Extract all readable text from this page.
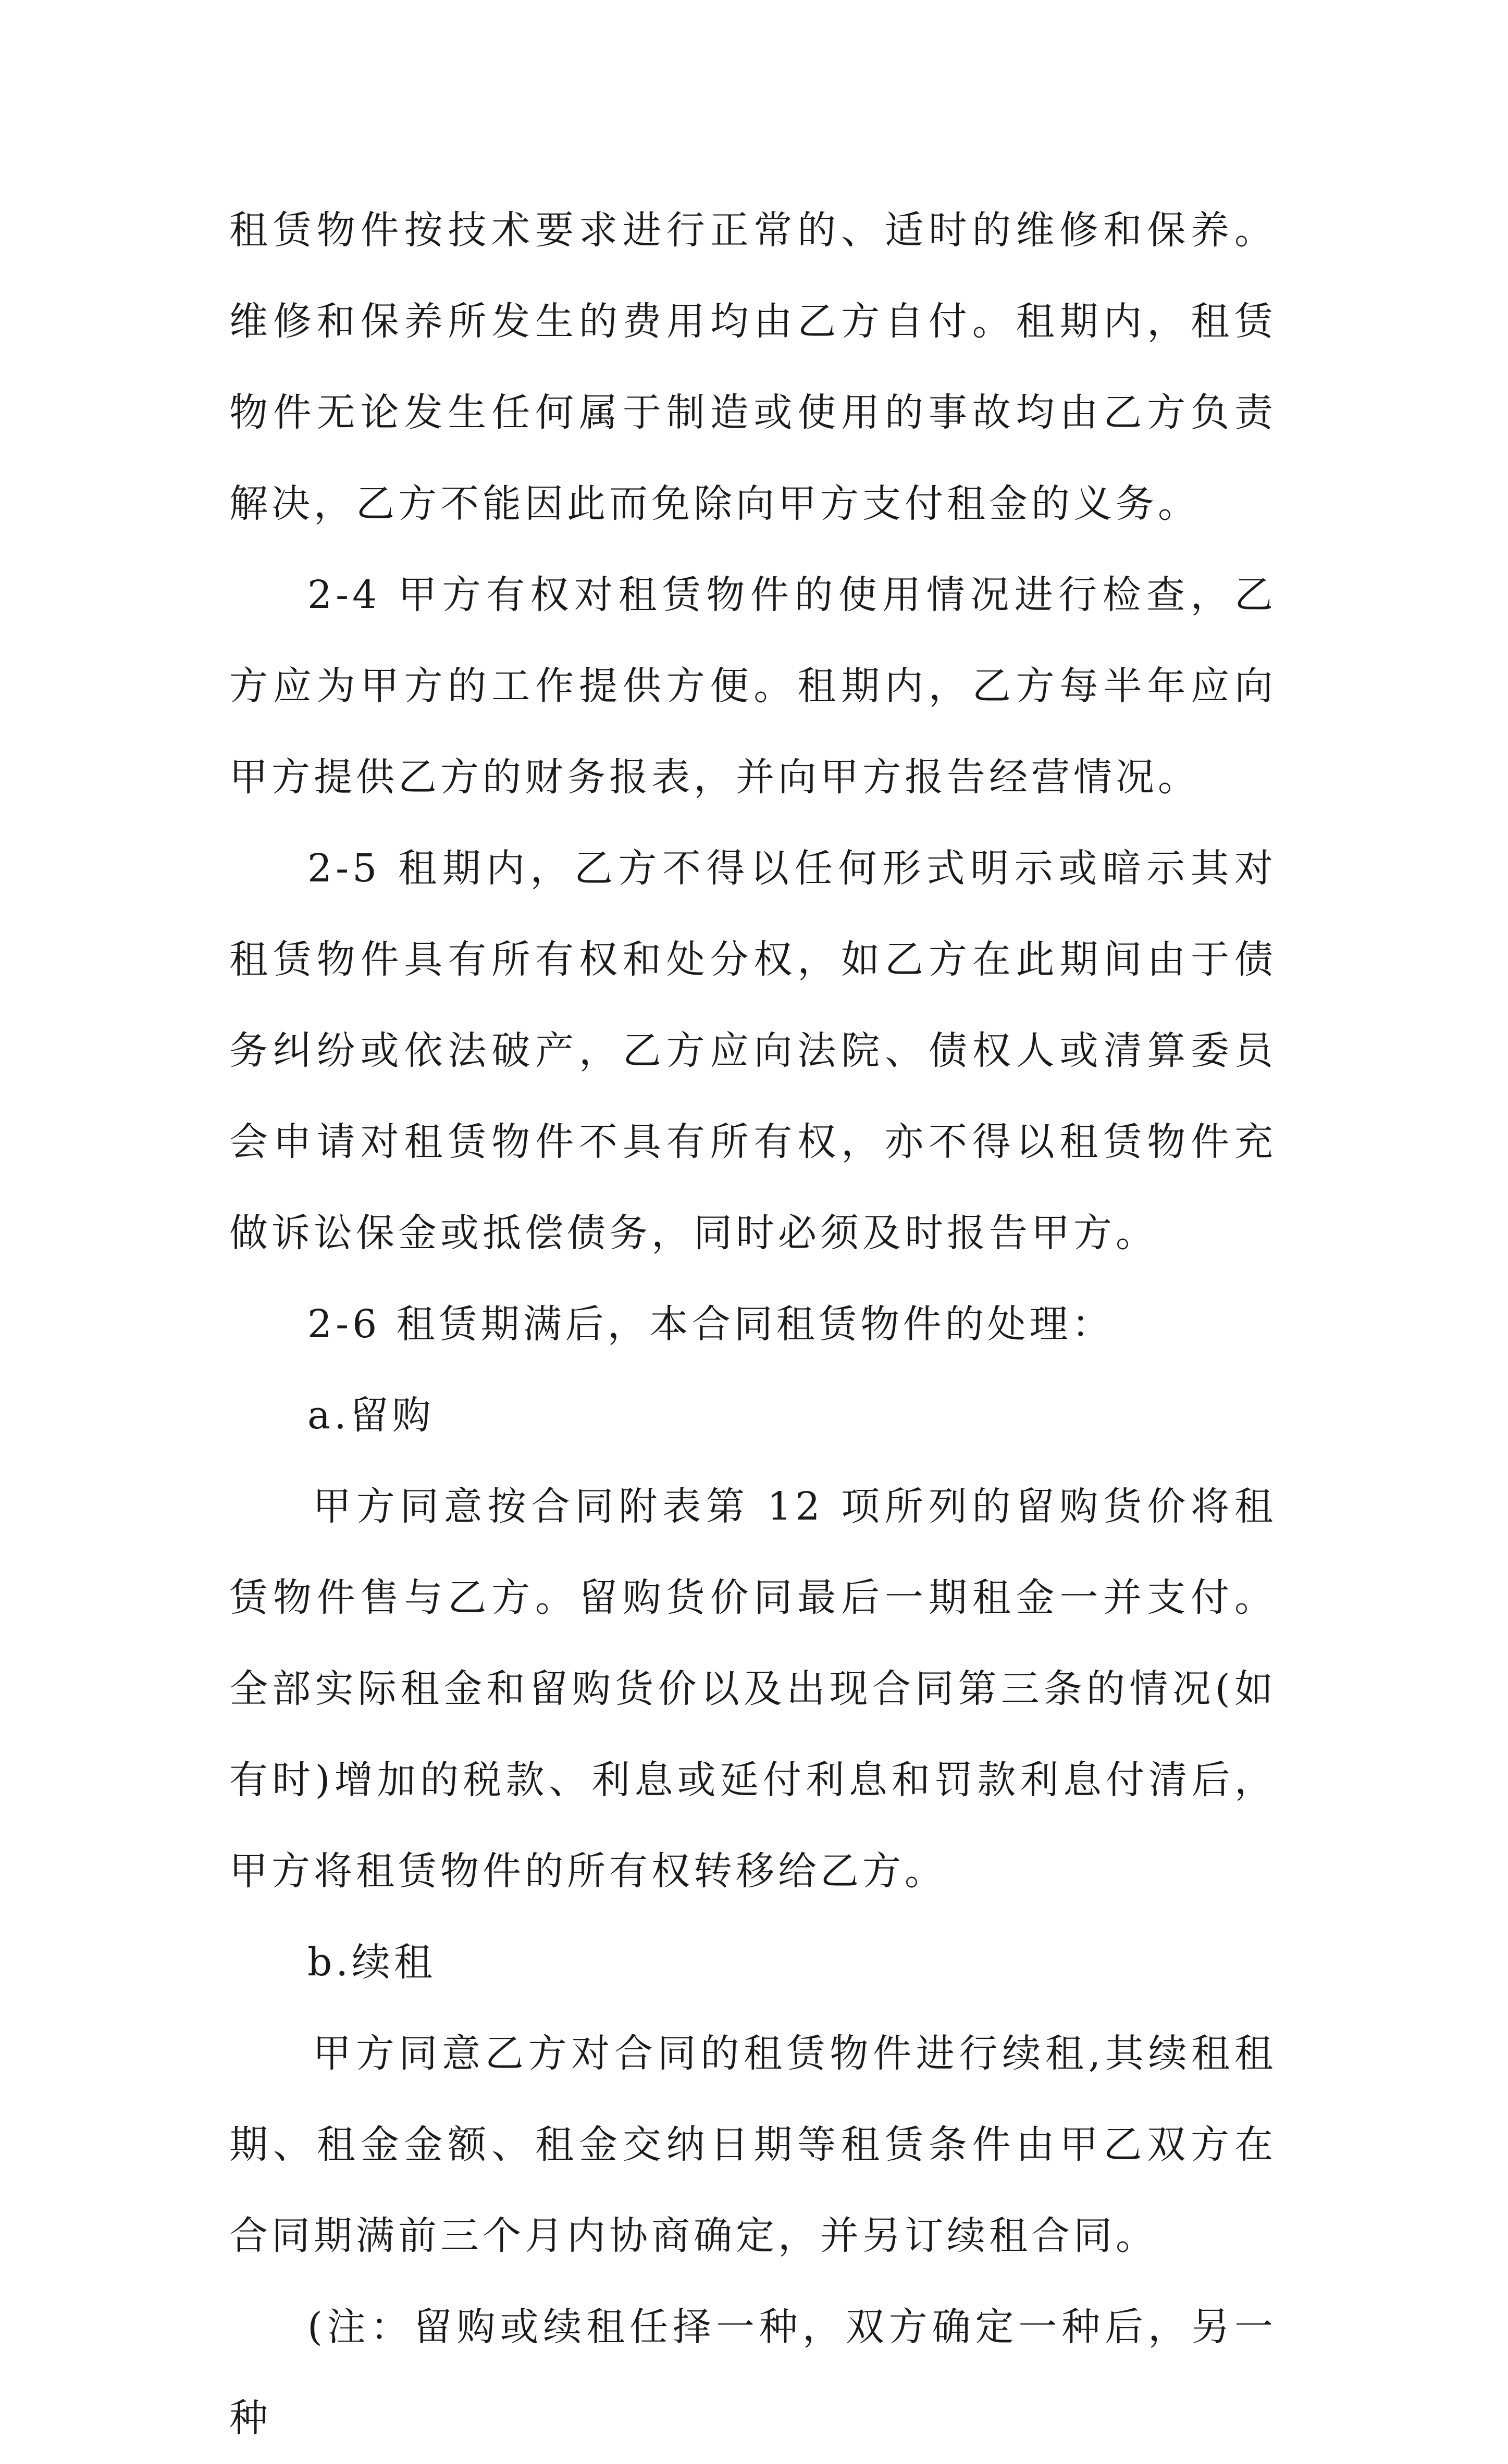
租赁物件按技术要求进行正常的、适时的维修和保养。维修和保养所发生的费用均由乙方自付。租期内，租赁物件无论发生任何属于制造或使用的事故均由乙方负责解决，乙方不能因此而免除向甲方支付租金的义务。

2-4 甲方有权对租赁物件的使用情况进行检查，乙方应为甲方的工作提供方便。租期内，乙方每半年应向甲方提供乙方的财务报表，并向甲方报告经营情况。

2-5 租期内，乙方不得以任何形式明示或暗示其对租赁物件具有所有权和处分权，如乙方在此期间由于债务纠纷或依法破产，乙方应向法院、债权人或清算委员会申请对租赁物件不具有所有权，亦不得以租赁物件充做诉讼保金或抵偿债务，同时必须及时报告甲方。

2-6 租赁期满后，本合同租赁物件的处理：

a.留购

甲方同意按合同附表第 12 项所列的留购货价将租赁物件售与乙方。留购货价同最后一期租金一并支付。全部实际租金和留购货价以及出现合同第三条的情况(如有时)增加的税款、利息或延付利息和罚款利息付清后，甲方将租赁物件的所有权转移给乙方。

b.续租

甲方同意乙方对合同的租赁物件进行续租,其续租租期、租金金额、租金交纳日期等租赁条件由甲乙双方在合同期满前三个月内协商确定，并另订续租合同。

(注：留购或续租任择一种，双方确定一种后，另一种
